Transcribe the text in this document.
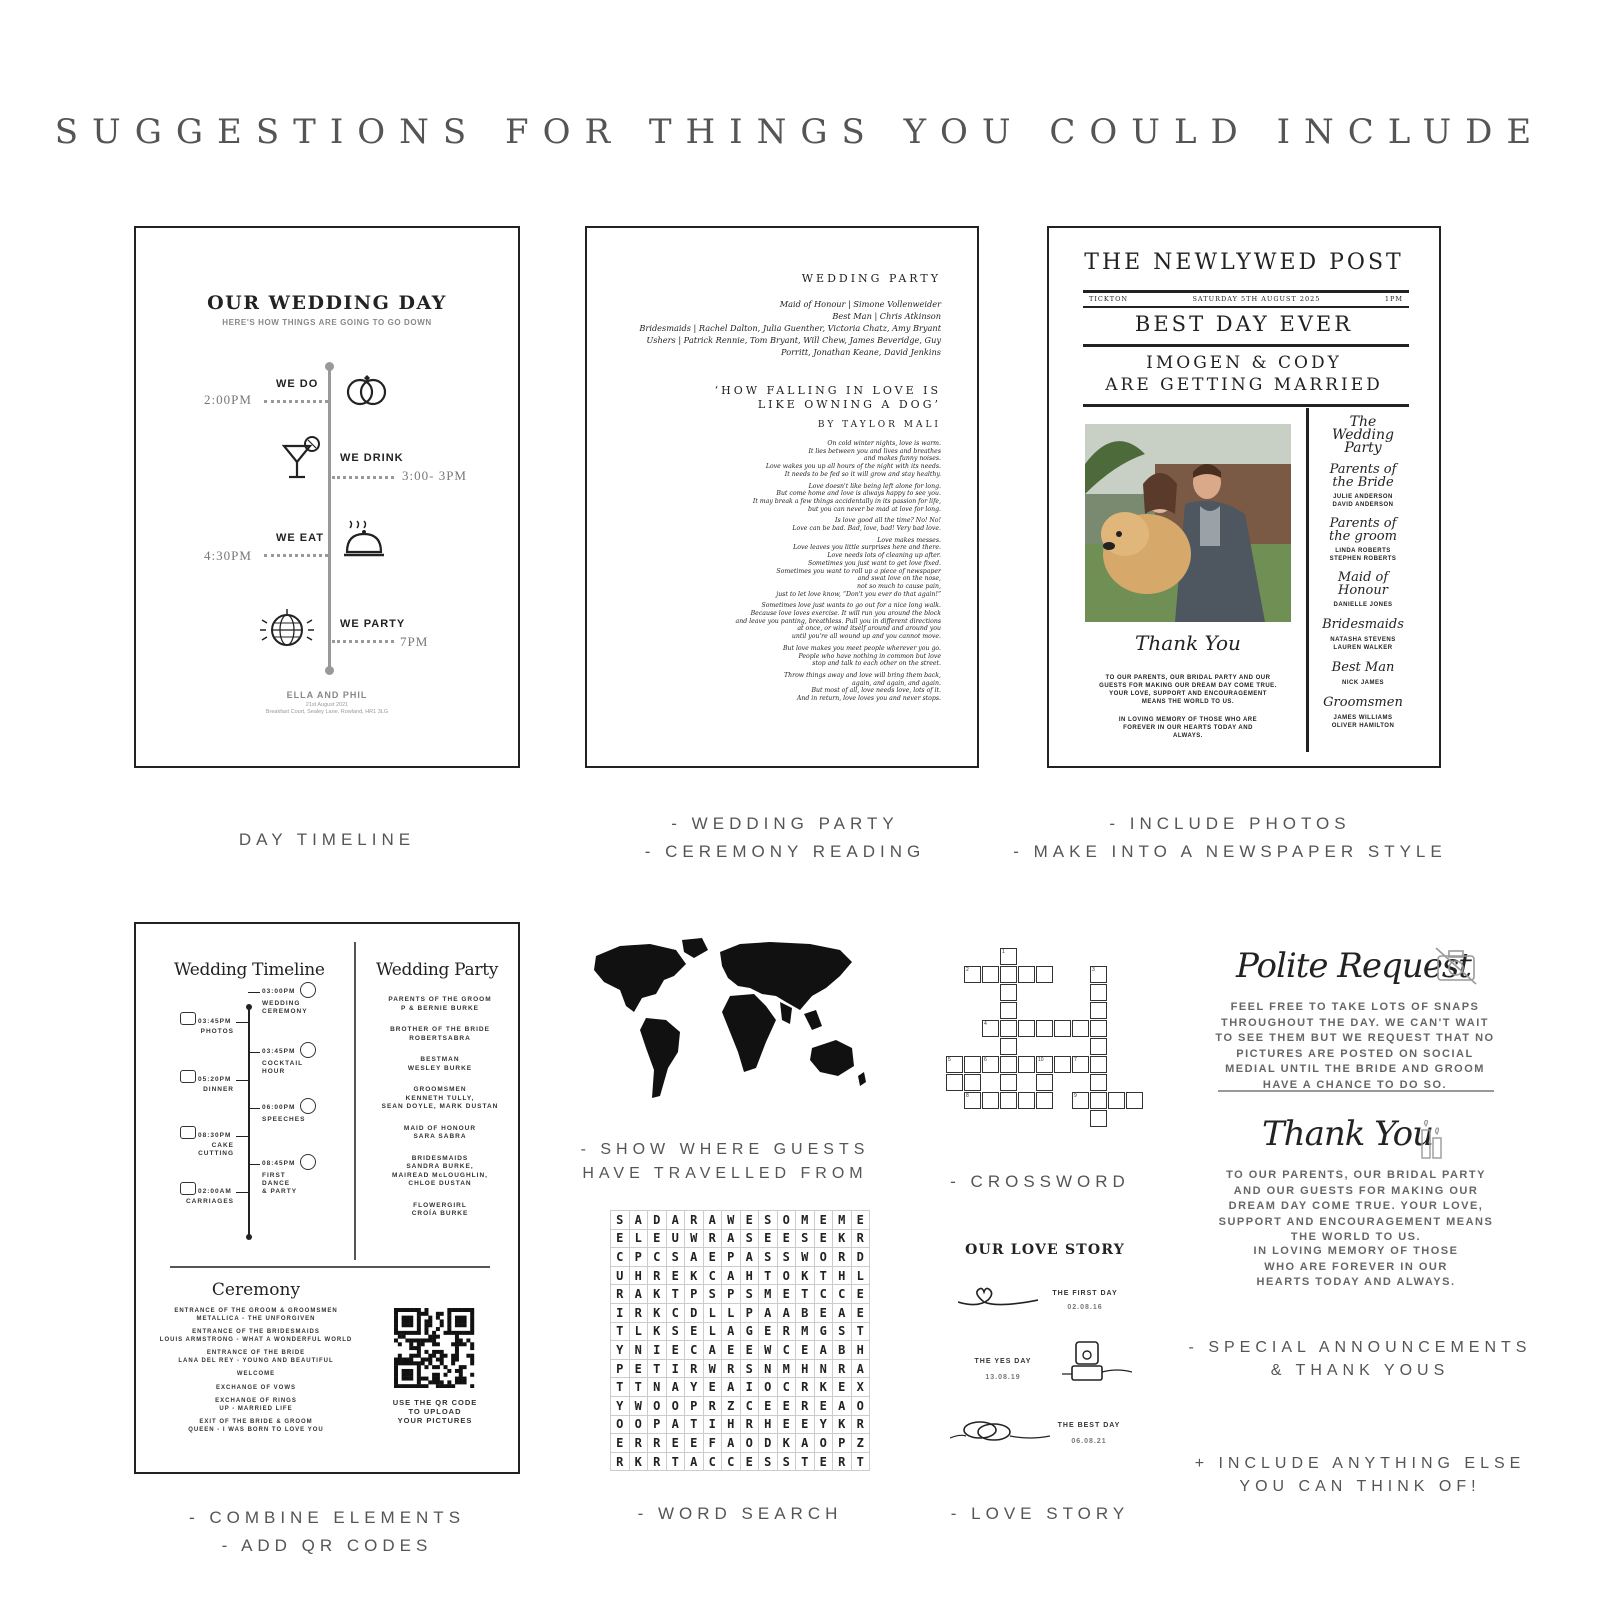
SUGGESTIONS FOR THINGS YOU COULD INCLUDE
OUR WEDDING DAY
HERE'S HOW THINGS ARE GOING TO GO DOWN
WE DO
2:00PM
WE DRINK
3:00- 3PM
WE EAT
4:30PM
WE PARTY
7PM
ELLA AND PHIL
21st August 2021
Breakfast Court, Sealey Lane, Rowland, HR1 3LG
WEDDING PARTY
Maid of Honour | Simone Vollenweider
Best Man | Chris Atkinson
Bridesmaids | Rachel Dalton, Julia Guenther, Victoria Chatz, Amy Bryant
Ushers | Patrick Rennie, Tom Bryant, Will Chew, James Beveridge, Guy
Porritt, Jonathan Keane, David Jenkins
‘HOW FALLING IN LOVE IS
LIKE OWNING A DOG’
BY TAYLOR MALI
On cold winter nights, love is warm.
It lies between you and lives and breathes
and makes funny noises.
Love wakes you up all hours of the night with its needs.
It needs to be fed so it will grow and stay healthy.
Love doesn't like being left alone for long.
But come home and love is always happy to see you.
It may break a few things accidentally in its passion for life,
but you can never be mad at love for long.
Is love good all the time? No! No!
Love can be bad. Bad, love, bad! Very bad love.
Love makes messes.
Love leaves you little surprises here and there.
Love needs lots of cleaning up after.
Sometimes you just want to get love fixed.
Sometimes you want to roll up a piece of newspaper
and swat love on the nose,
not so much to cause pain,
just to let love know, “Don't you ever do that again!”
Sometimes love just wants to go out for a nice long walk.
Because love loves exercise. It will run you around the block
and leave you panting, breathless. Pull you in different directions
at once, or wind itself around and around you
until you're all wound up and you cannot move.
But love makes you meet people wherever you go.
People who have nothing in common but love
stop and talk to each other on the street.
Throw things away and love will bring them back,
again, and again, and again.
But most of all, love needs love, lots of it.
And in return, love loves you and never stops.
THE NEWLYWED POST
TICKTON	SATURDAY 5TH AUGUST 2025	1PM
BEST DAY EVER
IMOGEN & CODY
ARE GETTING MARRIED
Thank You
TO OUR PARENTS, OUR BRIDAL PARTY AND OUR GUESTS FOR MAKING OUR DREAM DAY COME TRUE. YOUR LOVE, SUPPORT AND ENCOURAGEMENT MEANS THE WORLD TO US.
IN LOVING MEMORY OF THOSE WHO ARE FOREVER IN OUR HEARTS TODAY AND ALWAYS.
The Wedding Party
Parents of the Bride
JULIE ANDERSON
DAVID ANDERSON
Parents of the groom
LINDA ROBERTS
STEPHEN ROBERTS
Maid of Honour
DANIELLE JONES
Bridesmaids
NATASHA STEVENS
LAUREN WALKER
Best Man
NICK JAMES
Groomsmen
JAMES WILLIAMS
OLIVER HAMILTON
DAY TIMELINE
- WEDDING PARTY
- CEREMONY READING
- INCLUDE PHOTOS
- MAKE INTO A NEWSPAPER STYLE
Wedding Timeline	Wedding Party
03:00PM
WEDDING
CEREMONY
03:45PM
COCKTAIL
HOUR
06:00PM
SPEECHES
08:45PM
FIRST
DANCE
& PARTY
03:45PM
PHOTOS
05:20PM
DINNER
08:30PM
CAKE
CUTTING
02:00AM
CARRIAGES
PARENTS OF THE GROOM
P & BERNIE BURKE
BROTHER OF THE BRIDE
ROBERTSABRA
BESTMAN
WESLEY BURKE
GROOMSMEN
KENNETH TULLY,
SEAN DOYLE, MARK DUSTAN
MAID OF HONOUR
SARA SABRA
BRIDESMAIDS
SANDRA BURKE,
MAIREAD McLOUGHLIN,
CHLOE DUSTAN
FLOWERGIRL
CROÍA BURKE
Ceremony
ENTRANCE OF THE GROOM & GROOMSMEN
METALLICA - THE UNFORGIVEN
ENTRANCE OF THE BRIDESMAIDS
LOUIS ARMSTRONG - WHAT A WONDERFUL WORLD
ENTRANCE OF THE BRIDE
LANA DEL REY - YOUNG AND BEAUTIFUL
WELCOME
EXCHANGE OF VOWS
EXCHANGE OF RINGS
UP - MARRIED LIFE
EXIT OF THE BRIDE & GROOM
QUEEN - I WAS BORN TO LOVE YOU
USE THE QR CODE
TO UPLOAD
YOUR PICTURES
- COMBINE ELEMENTS
- ADD QR CODES
- SHOW WHERE GUESTS
HAVE TRAVELLED FROM
S A D A R A W E S O M E M E
E L E U W R A S E E S E K R
C P C S A E P A S S W O R D
U H R E K C A H T O K T H L
R A K T P S P S M E T C C E
I R K C D L L P A A B E A E
T L K S E L A G E R M G S T
Y N I E C A E E W C E A B H
P E T I R W R S N M H N R A
T T N A Y E A I O C R K E X
Y W O O P R Z C E E R E A O
O O P A T I H R H E E Y K R
E R R E E F A O D K A O P Z
R K R T A C C E S S T E R T
- WORD SEARCH
1
2	3
4
5	6	7
8	9
10
- CROSSWORD
OUR LOVE STORY
THE FIRST DAY
02.08.16
THE YES DAY
13.08.19
THE BEST DAY
06.08.21
- LOVE STORY
Polite Request
FEEL FREE TO TAKE LOTS OF SNAPS THROUGHOUT THE DAY. WE CAN'T WAIT TO SEE THEM BUT WE REQUEST THAT NO PICTURES ARE POSTED ON SOCIAL MEDIAL UNTIL THE BRIDE AND GROOM HAVE A CHANCE TO DO SO.
Thank You
TO OUR PARENTS, OUR BRIDAL PARTY AND OUR GUESTS FOR MAKING OUR DREAM DAY COME TRUE. YOUR LOVE, SUPPORT AND ENCOURAGEMENT MEANS THE WORLD TO US.
IN LOVING MEMORY OF THOSE WHO ARE FOREVER IN OUR HEARTS TODAY AND ALWAYS.
- SPECIAL ANNOUNCEMENTS
& THANK YOUS
+ INCLUDE ANYTHING ELSE
YOU CAN THINK OF!
